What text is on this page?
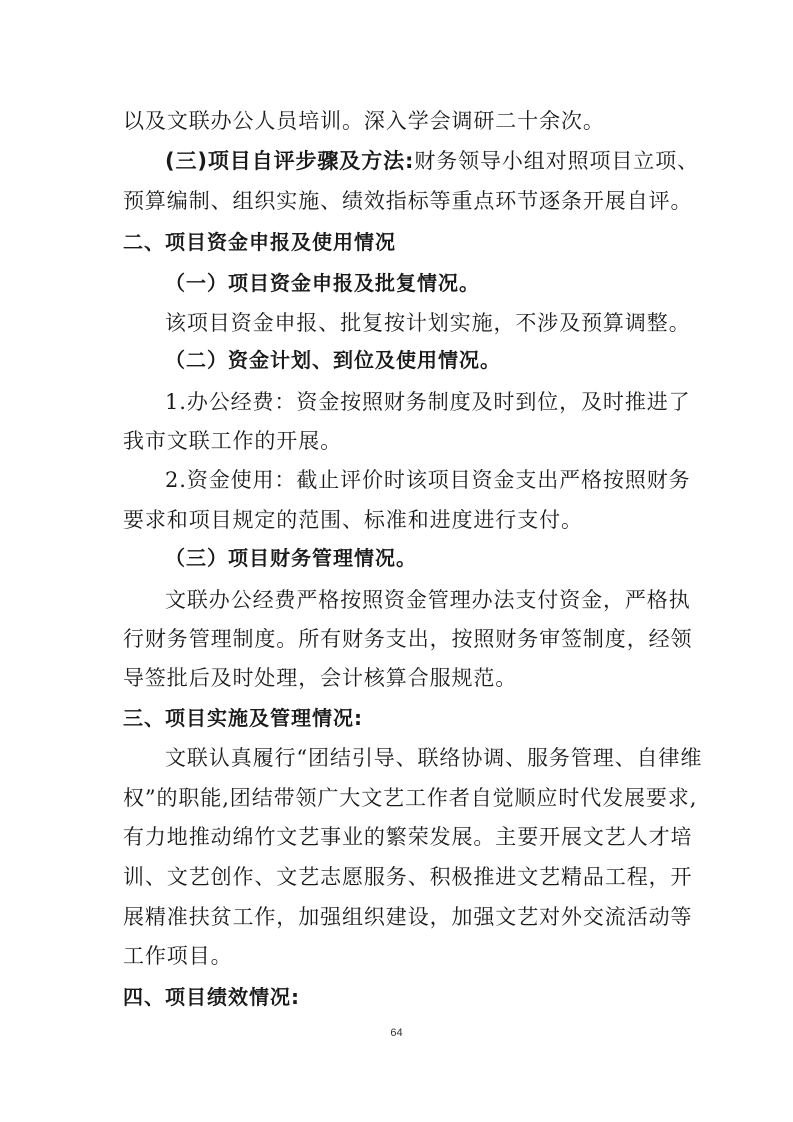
以及文联办公人员培训。深入学会调研二十余次。
(三)项目自评步骤及方法:财务领导小组对照项目立项、
预算编制、组织实施、绩效指标等重点环节逐条开展自评。
二、项目资金申报及使用情况
（一）项目资金申报及批复情况。
该项目资金申报、批复按计划实施，不涉及预算调整。
（二）资金计划、到位及使用情况。
1.办公经费：资金按照财务制度及时到位，及时推进了
我市文联工作的开展。
2.资金使用：截止评价时该项目资金支出严格按照财务
要求和项目规定的范围、标准和进度进行支付。
（三）项目财务管理情况。
文联办公经费严格按照资金管理办法支付资金，严格执
行财务管理制度。所有财务支出，按照财务审签制度，经领
导签批后及时处理，会计核算合服规范。
三、项目实施及管理情况:
文联认真履行“团结引导、联络协调、服务管理、自律维
权”的职能,团结带领广大文艺工作者自觉顺应时代发展要求,
有力地推动绵竹文艺事业的繁荣发展。主要开展文艺人才培
训、文艺创作、文艺志愿服务、积极推进文艺精品工程，开
展精准扶贫工作，加强组织建设，加强文艺对外交流活动等
工作项目。
四、项目绩效情况:
64
